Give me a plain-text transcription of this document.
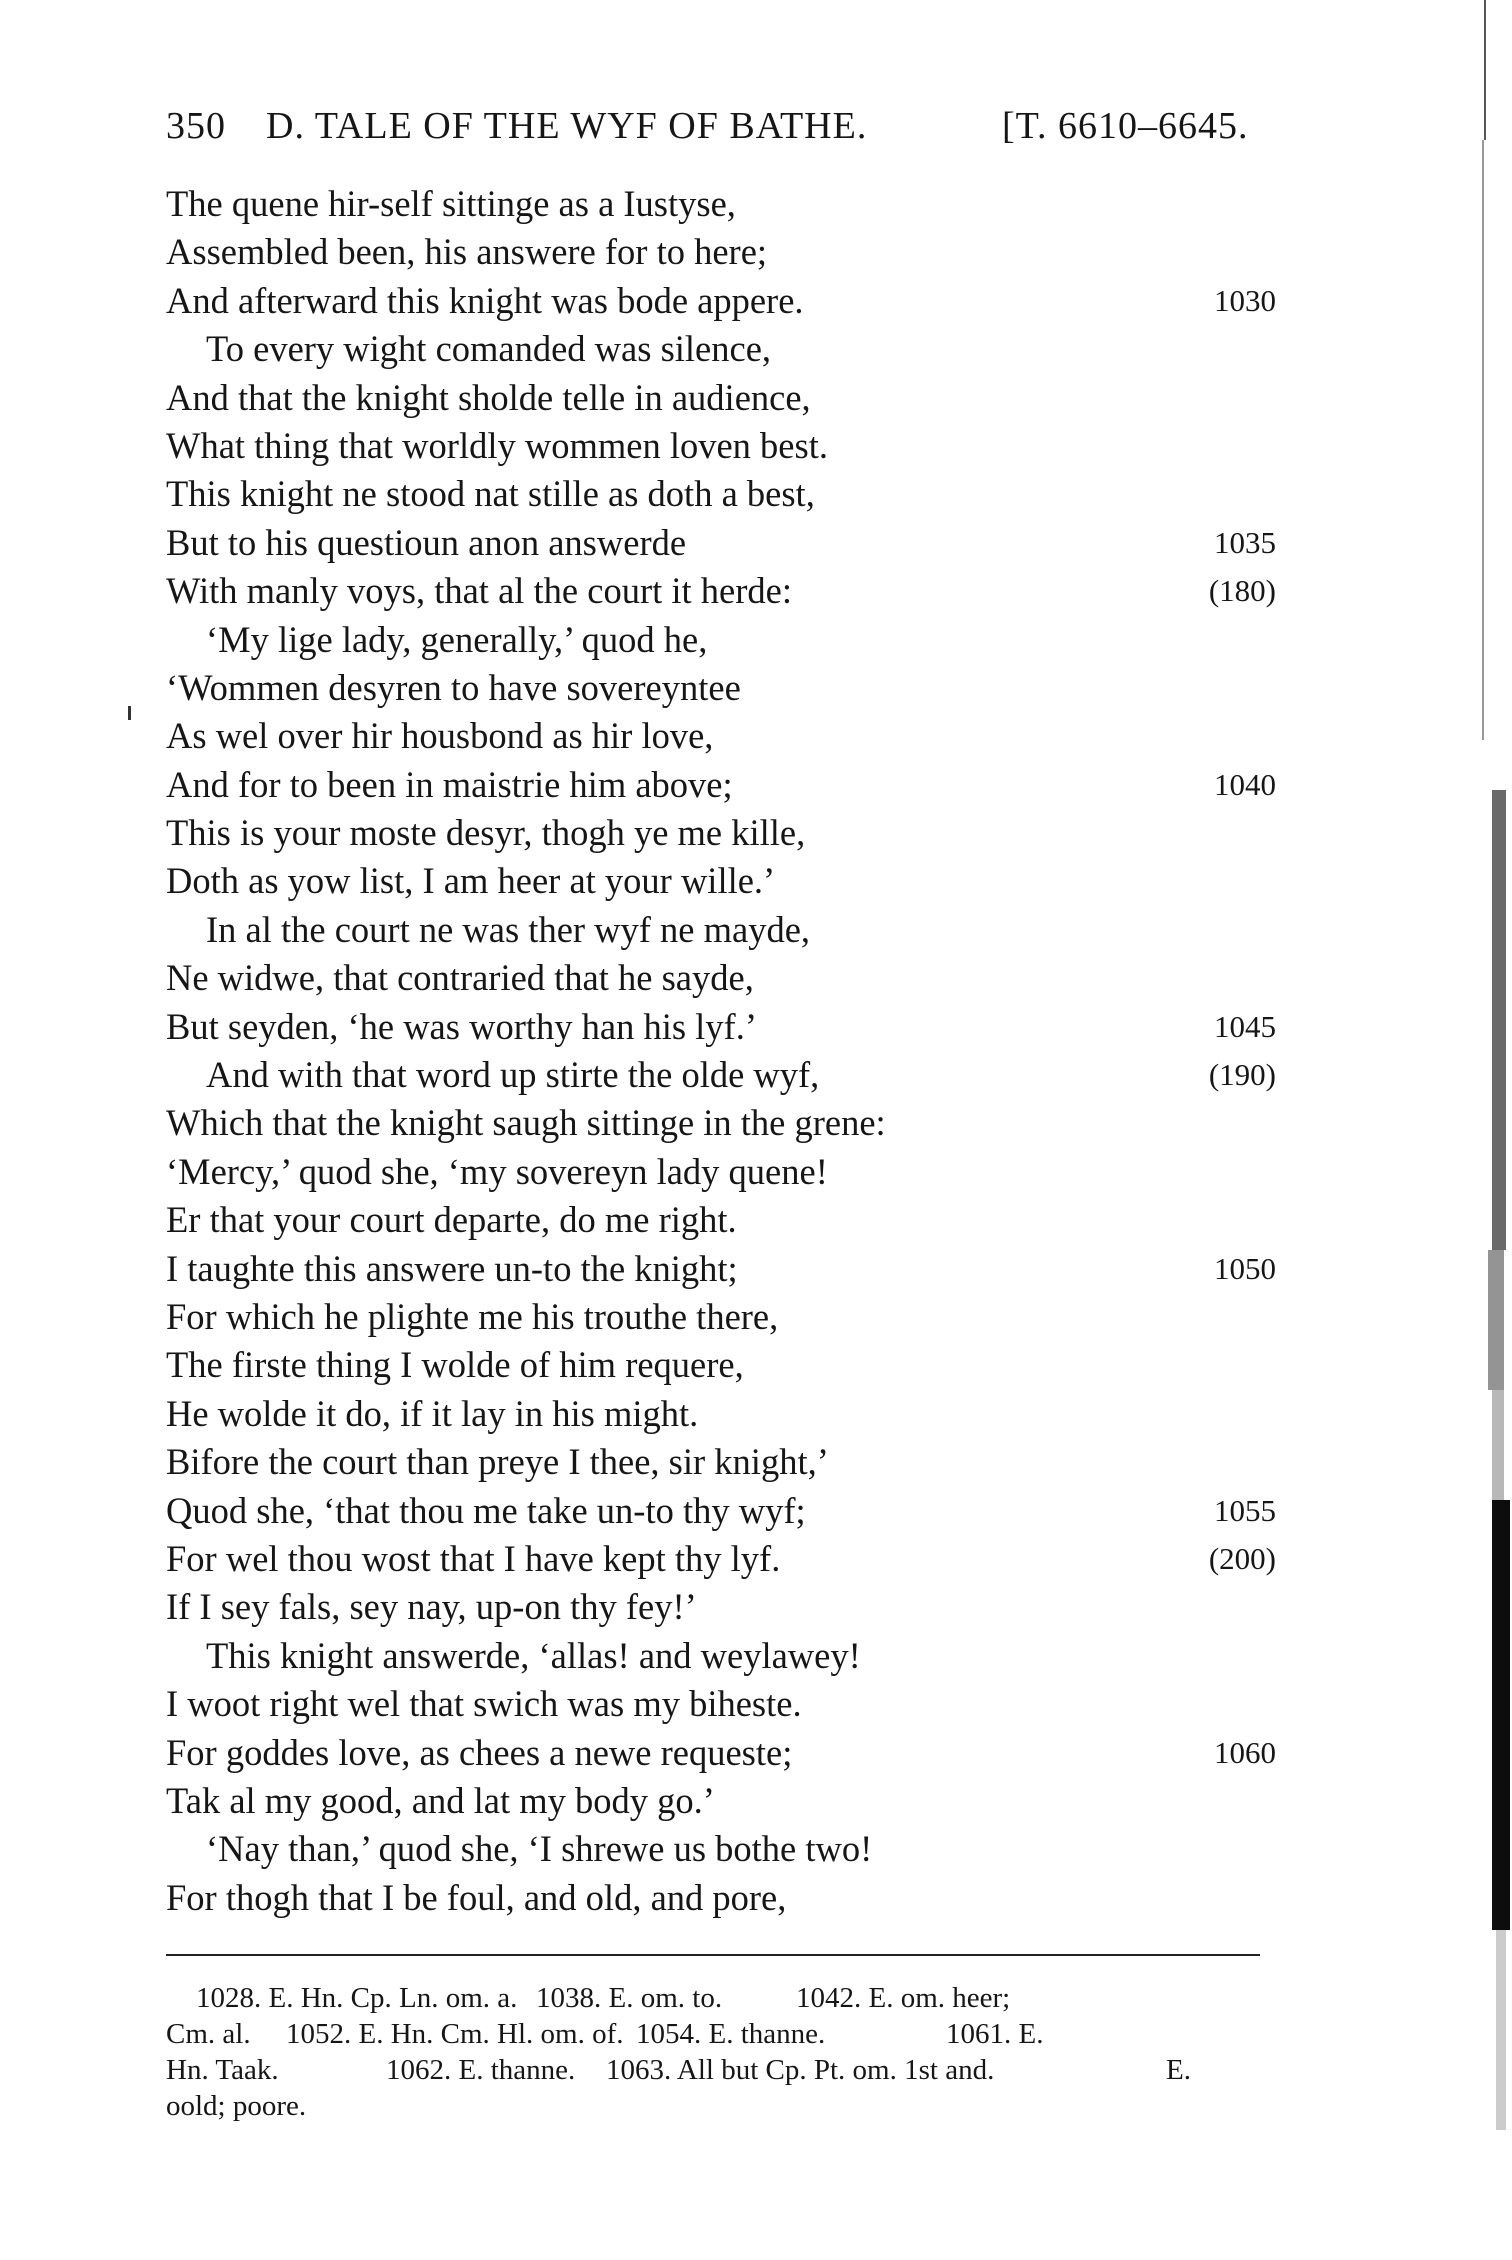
350 D. TALE OF THE WYF OF BATHE.	[T. 6610–6645.
The quene hir-self sittinge as a Iustyse,
Assembled been, his answere for to here;
And afterward this knight was bode appere.	1030
To every wight comanded was silence,
And that the knight sholde telle in audience,
What thing that worldly wommen loven best.
This knight ne stood nat stille as doth a best,
But to his questioun anon answerde	1035
With manly voys, that al the court it herde:	(180)
‘My lige lady, generally,’ quod he,
‘Wommen desyren to have sovereyntee
As wel over hir housbond as hir love,
And for to been in maistrie him above;	1040
This is your moste desyr, thogh ye me kille,
Doth as yow list, I am heer at your wille.’
In al the court ne was ther wyf ne mayde,
Ne widwe, that contraried that he sayde,
But seyden, ‘he was worthy han his lyf.’	1045
And with that word up stirte the olde wyf,	(190)
Which that the knight saugh sittinge in the grene:
‘Mercy,’ quod she, ‘my sovereyn lady quene!
Er that your court departe, do me right.
I taughte this answere un-to the knight;	1050
For which he plighte me his trouthe there,
The firste thing I wolde of him requere,
He wolde it do, if it lay in his might.
Bifore the court than preye I thee, sir knight,’
Quod she, ‘that thou me take un-to thy wyf;	1055
For wel thou wost that I have kept thy lyf.	(200)
If I sey fals, sey nay, up-on thy fey!’
This knight answerde, ‘allas! and weylawey!
I woot right wel that swich was my biheste.
For goddes love, as chees a newe requeste;	1060
Tak al my good, and lat my body go.’
‘Nay than,’ quod she, ‘I shrewe us bothe two!
For thogh that I be foul, and old, and pore,
1028. E. Hn. Cp. Ln. om. a. 1038. E. om. to.	1042. E. om. heer;
Cm. al. 1052. E. Hn. Cm. Hl. om. of. 1054. E. thanne.	1061. E.
Hn. Taak.	1062. E. thanne. 1063. All but Cp. Pt. om. 1st and.	E.
oold; poore.
